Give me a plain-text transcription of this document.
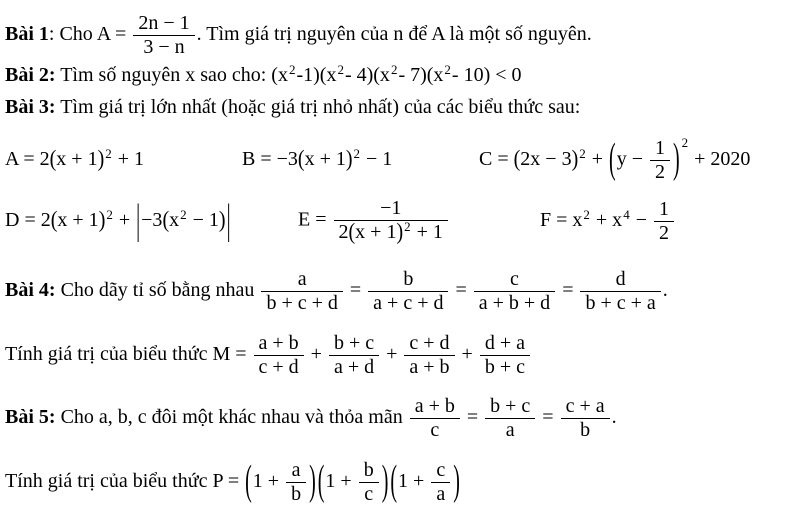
Bài 1: Cho $A = \frac{2n - 1}{3 - n}$ . Tìm giá trị nguyên của n để A là một số nguyên.
Bài 2: Tìm số nguyên x sao cho: (x2-1)(x2- 4)(x2- 7)(x2- 10) < 0
Bài 3: Tìm giá trị lớn nhất (hoặc giá trị nhỏ nhất) của các biểu thức sau:
A = 2(x + 1)2 + 1	B = −3(x + 1)2 − 1	$C = (2x - 3)2 + (y - \frac{1}{2}$ ) 2 + 2020
D = 2(x + 1)2 + |−3(x2 − 1)|	$E = \frac{-1}{2(x + 1)2 + 1}$	$F = x2 + x4 - \frac{1}{2}$
Bài 4: Cho dãy tỉ số bằng nhau $\frac{a}{b + c + d} = \frac{b}{a + c + d} = \frac{c}{a + b + d} = \frac{d}{b + c + a}$ .
Tính giá trị của biểu thức $M = \frac{a + b}{c + d} + \frac{b + c}{a + d} + \frac{c + d}{a + b} + \frac{d + a}{b + c}$
Bài 5: Cho a, b, c đôi một khác nhau và thỏa mãn $\frac{a + b}{c} = \frac{b + c}{a} = \frac{c + a}{b}$ .
Tính giá trị của biểu thức $P = (1 + \frac{a}{b}$ ) ($1 + \frac{b}{c}$ ) ($1 + \frac{c}{a}$ )
